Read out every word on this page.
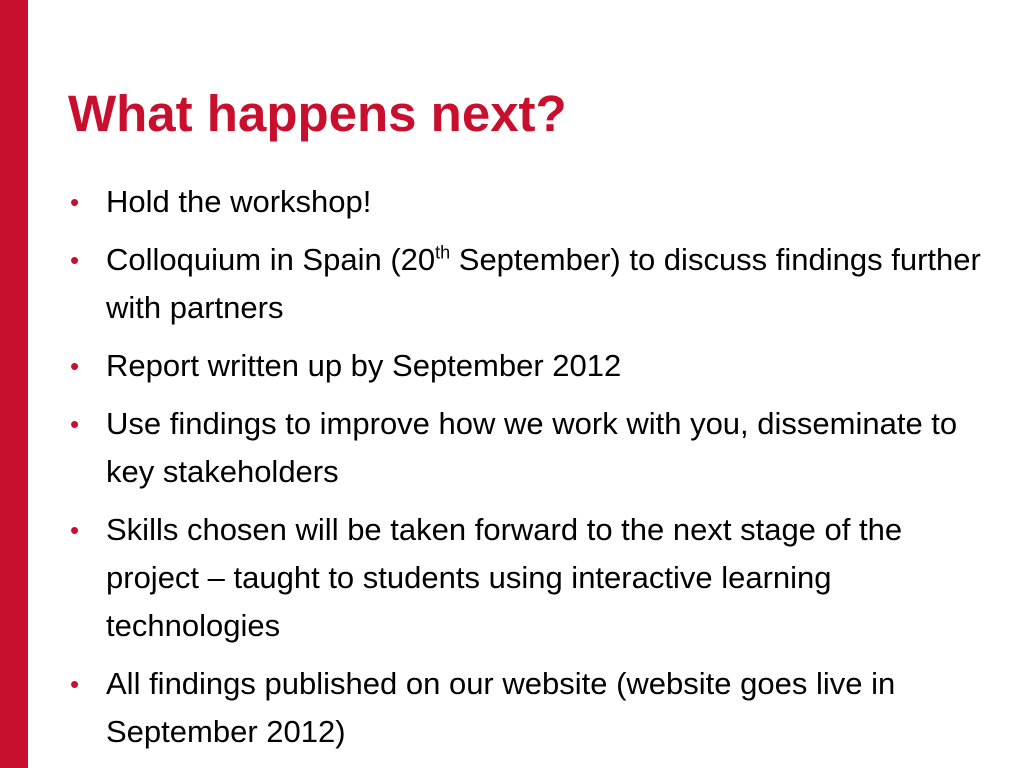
What happens next?
• Hold the workshop!
• Colloquium in Spain (20th September) to discuss findings further with partners
• Report written up by September 2012
• Use findings to improve how we work with you, disseminate to key stakeholders
• Skills chosen will be taken forward to the next stage of the project – taught to students using interactive learning technologies
• All findings published on our website (website goes live in September 2012)
